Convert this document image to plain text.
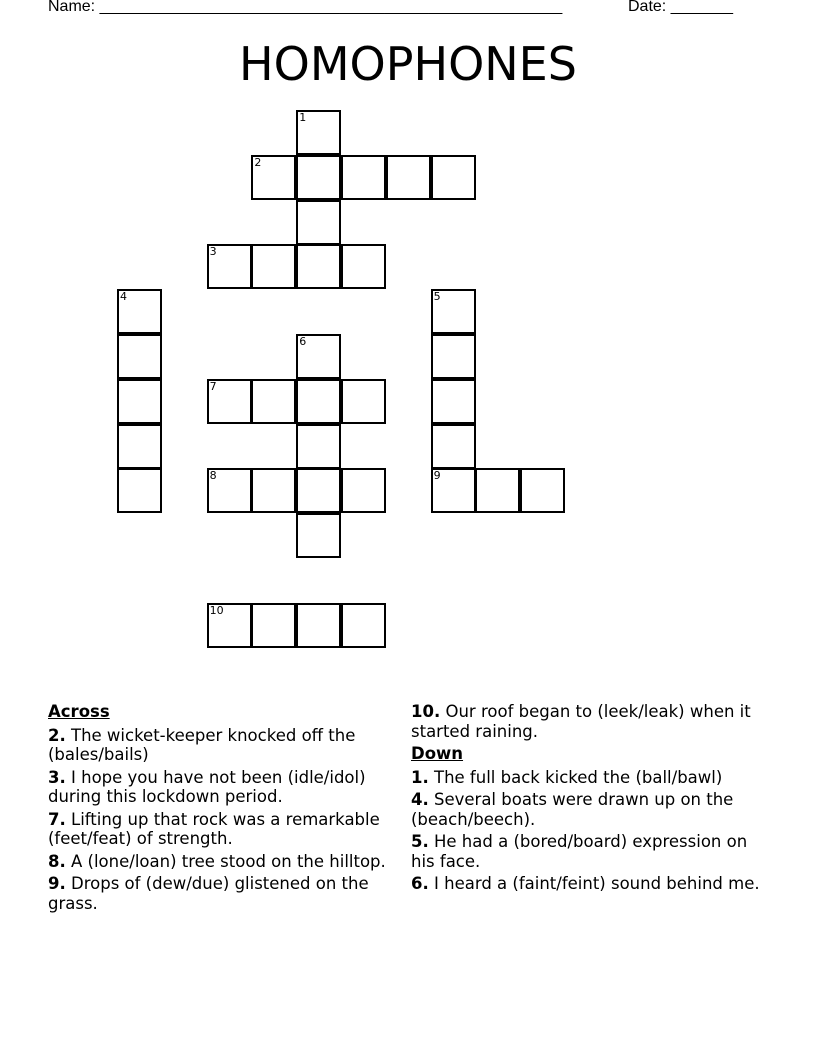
Name: ____________________________________________________	Date: _______
HOMOPHONES
1
2
3
4	5
9
6
7
8
10
Across
2. The wicket-keeper knocked off the (bales/bails)
3. I hope you have not been (idle/idol) during this lockdown period.
7. Lifting up that rock was a remarkable (feet/feat) of strength.
8. A (lone/loan) tree stood on the hilltop.
9. Drops of (dew/due) glistened on the grass.
10. Our roof began to (leek/leak) when it started raining.
Down
1. The full back kicked the (ball/bawl)
4. Several boats were drawn up on the (beach/beech).
5. He had a (bored/board) expression on his face.
6. I heard a (faint/feint) sound behind me.
